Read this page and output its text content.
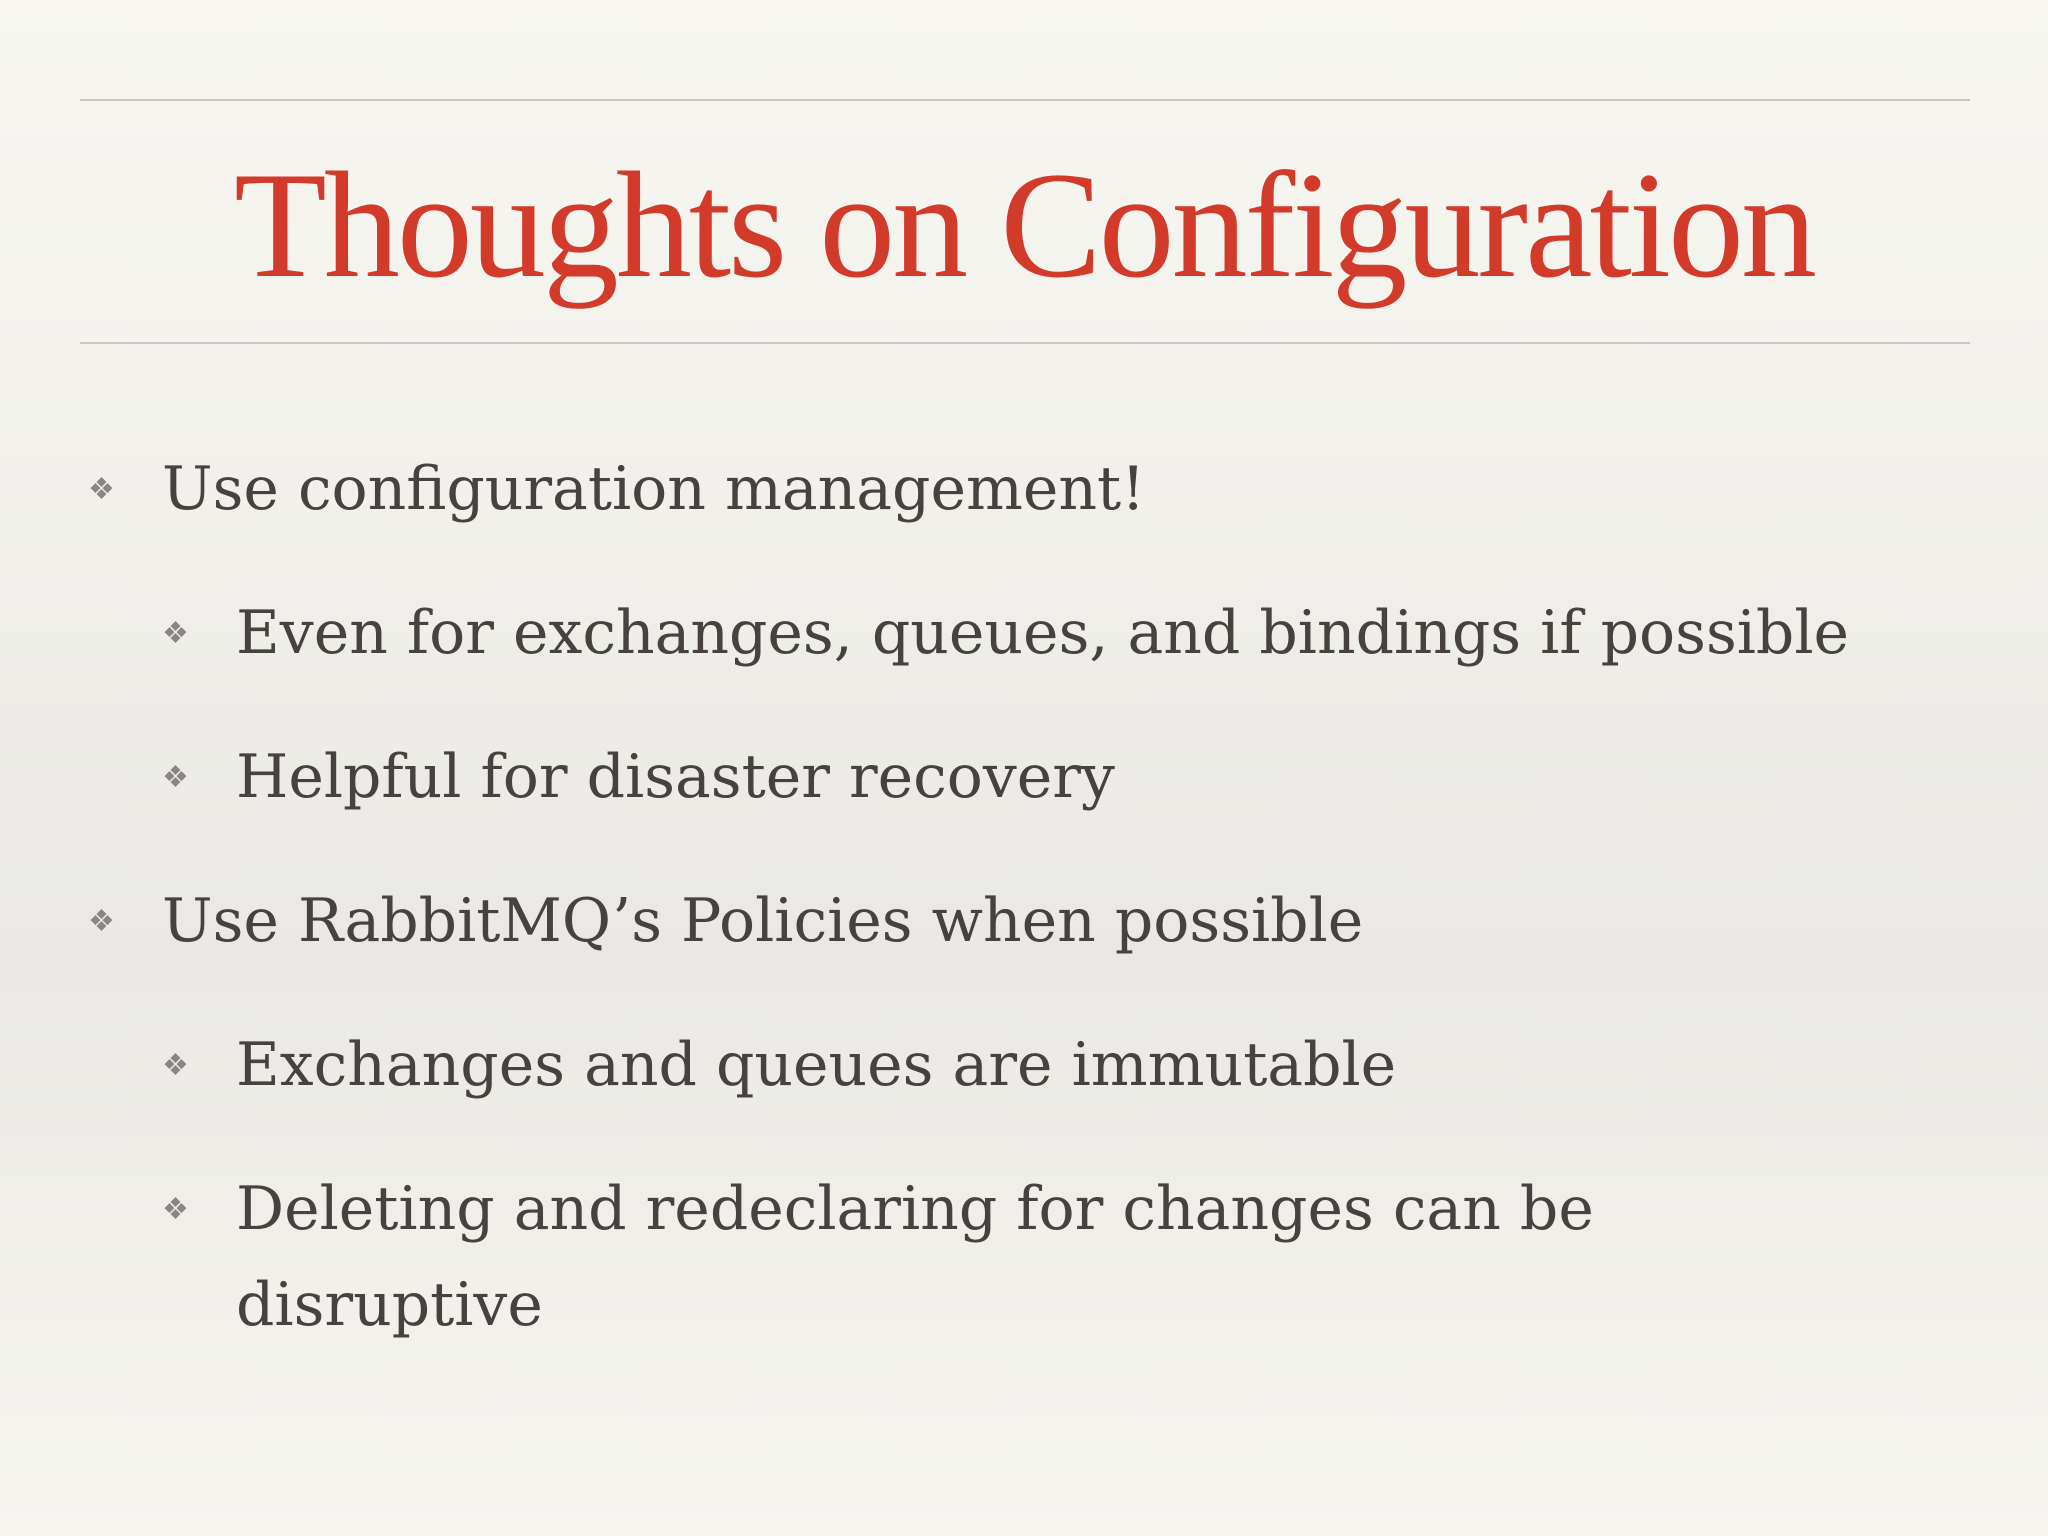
Thoughts on Configuration
❖ Use configuration management!
❖ Even for exchanges, queues, and bindings if possible
❖ Helpful for disaster recovery
❖ Use RabbitMQ’s Policies when possible
❖ Exchanges and queues are immutable
❖ Deleting and redeclaring for changes can be disruptive
